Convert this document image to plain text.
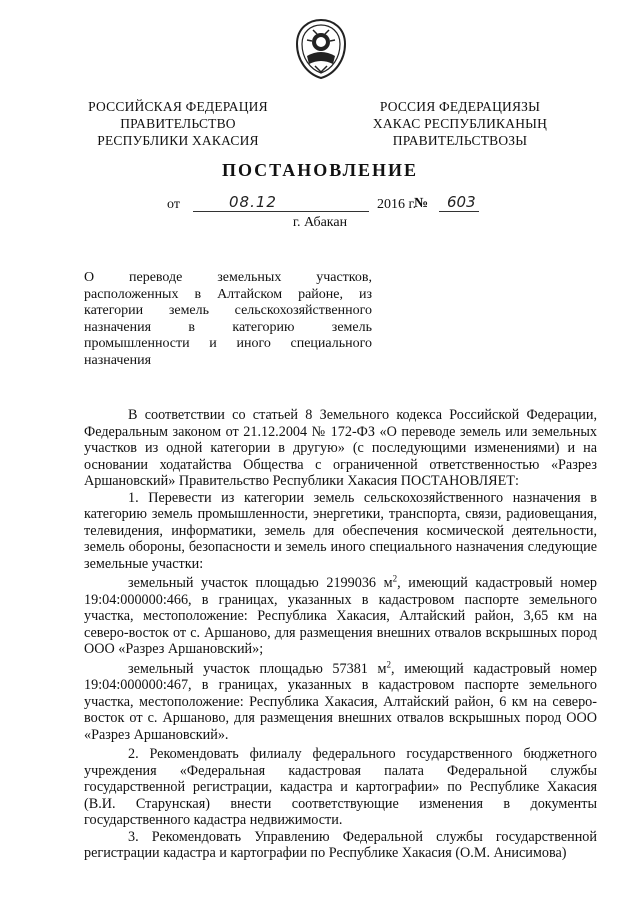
РОССИЙСКАЯ ФЕДЕРАЦИЯ
ПРАВИТЕЛЬСТВО
РЕСПУБЛИКИ ХАКАСИЯ
РОССИЯ ФЕДЕРАЦИЯЗЫ
ХАКАС РЕСПУБЛИКАНЫҢ
ПРАВИТЕЛЬСТВОЗЫ
ПОСТАНОВЛЕНИЕ
от	08.12	2016 г.
№ 603
г. Абакан
О переводе земельных участков, расположенных в Алтайском районе, из категории земель сельскохозяйственного назначения в категорию земель промышленности и иного специального назначения

В соответствии со статьей 8 Земельного кодекса Российской Федерации, Федеральным законом от 21.12.2004 № 172-ФЗ «О переводе земель или земельных участков из одной категории в другую» (с последующими изменениями) и на основании ходатайства Общества с ограниченной ответственностью «Разрез Аршановский» Правительство Республики Хакасия ПОСТАНОВЛЯЕТ:

1. Перевести из категории земель сельскохозяйственного назначения в категорию земель промышленности, энергетики, транспорта, связи, радиовещания, телевидения, информатики, земель для обеспечения космической деятельности, земель обороны, безопасности и земель иного специального назначения следующие земельные участки:

земельный участок площадью 2199036 $м^2$, имеющий кадастровый номер 19:04:000000:466, в границах, указанных в кадастровом паспорте земельного участка, местоположение: Республика Хакасия, Алтайский район, 3,65 км на северо-восток от с. Аршаново, для размещения внешних отвалов вскрышных пород ООО «Разрез Аршановский»;

земельный участок площадью 57381 $м^2$, имеющий кадастровый номер 19:04:000000:467, в границах, указанных в кадастровом паспорте земельного участка, местоположение: Республика Хакасия, Алтайский район, 6 км на северо-восток от с. Аршаново, для размещения внешних отвалов вскрышных пород ООО «Разрез Аршановский».

2. Рекомендовать филиалу федерального государственного бюджетного учреждения «Федеральная кадастровая палата Федеральной службы государственной регистрации, кадастра и картографии» по Республике Хакасия (В.И. Старунская) внести соответствующие изменения в документы государственного кадастра недвижимости.

3. Рекомендовать Управлению Федеральной службы государственной регистрации кадастра и картографии по Республике Хакасия (О.М. Анисимова)
